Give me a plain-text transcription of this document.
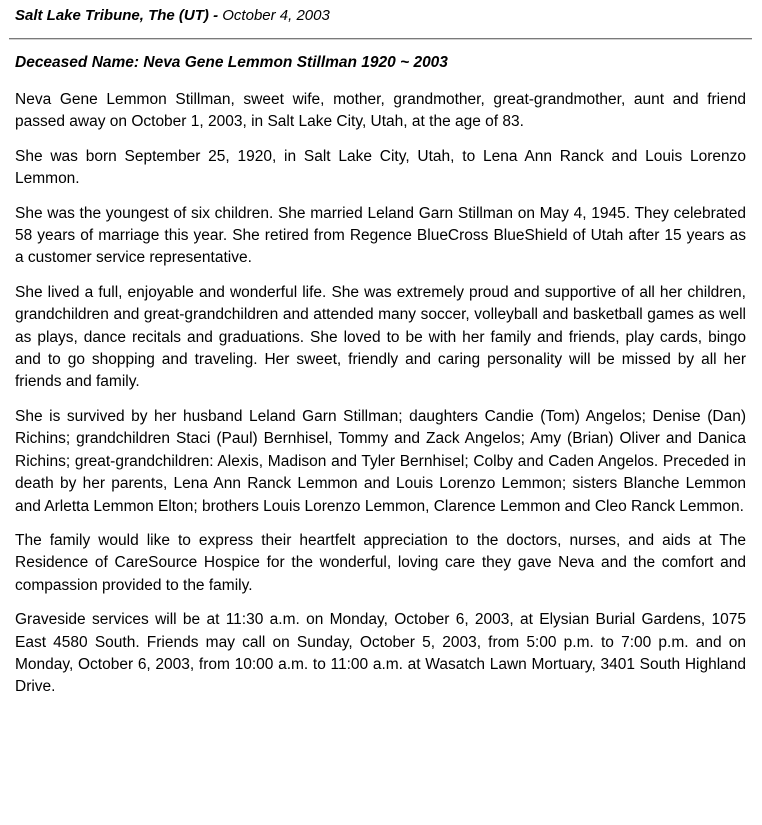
Salt Lake Tribune, The (UT) - October 4, 2003
Deceased Name: Neva Gene Lemmon Stillman 1920 ~ 2003

Neva Gene Lemmon Stillman, sweet wife, mother, grandmother, great-grandmother, aunt and friend passed away on October 1, 2003, in Salt Lake City, Utah, at the age of 83.

She was born September 25, 1920, in Salt Lake City, Utah, to Lena Ann Ranck and Louis Lorenzo Lemmon.

She was the youngest of six children. She married Leland Garn Stillman on May 4, 1945. They celebrated 58 years of marriage this year. She retired from Regence BlueCross BlueShield of Utah after 15 years as a customer service representative.

She lived a full, enjoyable and wonderful life. She was extremely proud and supportive of all her children, grandchildren and great-grandchildren and attended many soccer, volleyball and basketball games as well as plays, dance recitals and graduations. She loved to be with her family and friends, play cards, bingo and to go shopping and traveling. Her sweet, friendly and caring personality will be missed by all her friends and family.

She is survived by her husband Leland Garn Stillman; daughters Candie (Tom) Angelos; Denise (Dan) Richins; grandchildren Staci (Paul) Bernhisel, Tommy and Zack Angelos; Amy (Brian) Oliver and Danica Richins; great-grandchildren: Alexis, Madison and Tyler Bernhisel; Colby and Caden Angelos. Preceded in death by her parents, Lena Ann Ranck Lemmon and Louis Lorenzo Lemmon; sisters Blanche Lemmon and Arletta Lemmon Elton; brothers Louis Lorenzo Lemmon, Clarence Lemmon and Cleo Ranck Lemmon.

The family would like to express their heartfelt appreciation to the doctors, nurses, and aids at The Residence of CareSource Hospice for the wonderful, loving care they gave Neva and the comfort and compassion provided to the family.

Graveside services will be at 11:30 a.m. on Monday, October 6, 2003, at Elysian Burial Gardens, 1075 East 4580 South. Friends may call on Sunday, October 5, 2003, from 5:00 p.m. to 7:00 p.m. and on Monday, October 6, 2003, from 10:00 a.m. to 11:00 a.m. at Wasatch Lawn Mortuary, 3401 South Highland Drive.
